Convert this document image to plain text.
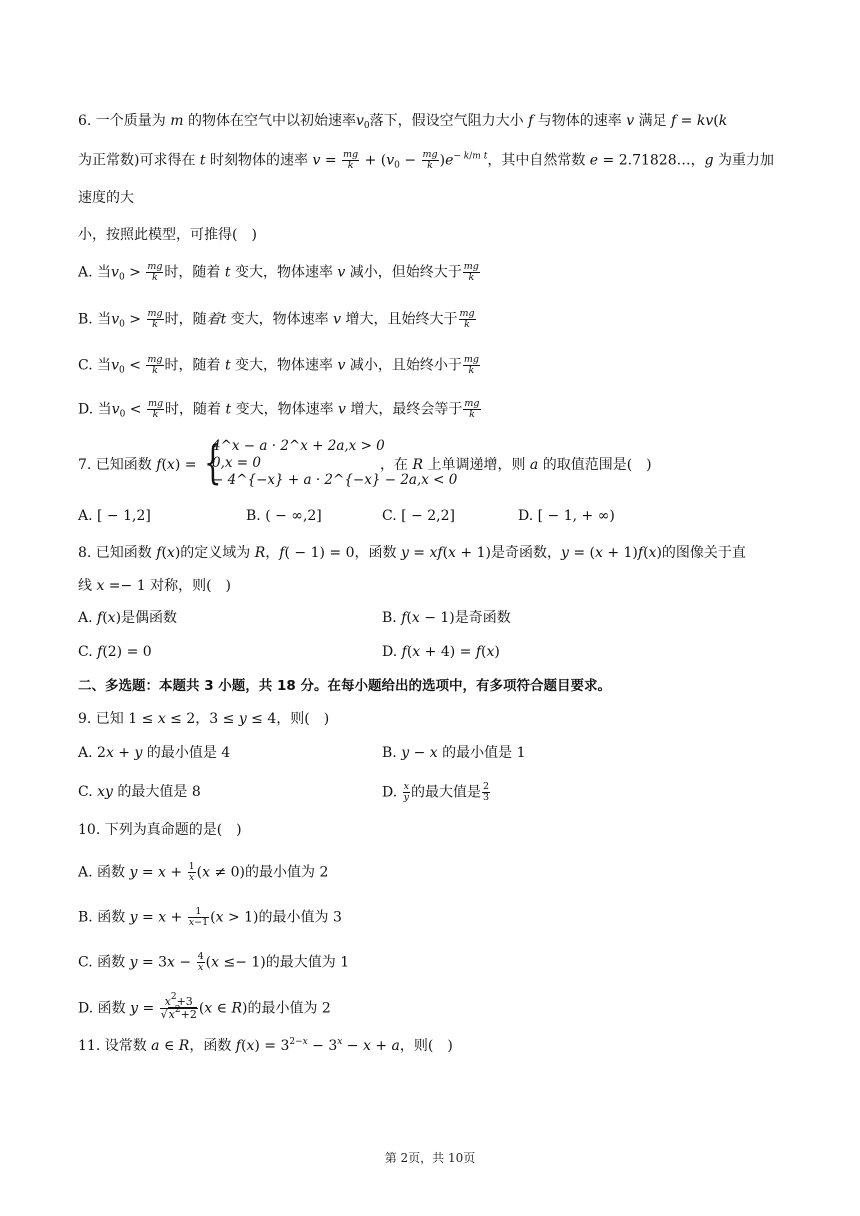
6. 一个质量为 m 的物体在空气中以初始速率$v_0$落下，假设空气阻力大小 f 与物体的速率 v 满足 f = kv(k
为正常数)可求得在 t 时刻物体的速率 $v = \frac{mg}{k} + (v_0 - \frac{mg}{k} )e^{- k/m t}$，其中自然常数 e = 2.71828…，g 为重力加
速度的大
小，按照此模型，可推得(　)
A. 当$v_0 > \frac{mg}{k}$ 时，随着 t 变大，物体速率 v 减小，但始终大于 $\frac{mg}{k}$
B. 当$v_0 > \frac{mg}{k}$ 时，随着t 变大，物体速率 v 增大，且始终大于 $\frac{mg}{k}$
C. 当$v_0 < \frac{mg}{k}$ 时，随着 t 变大，物体速率 v 减小，且始终小于 $\frac{mg}{k}$
D. 当$v_0 < \frac{mg}{k}$ 时，随着 t 变大，物体速率 v 增大，最终会等于 $\frac{mg}{k}$
7. 已知函数 f(x) = {
4^x − a · 2^x + 2a,x > 0
0,x = 0
− 4^{−x} + a · 2^{−x} − 2a,x < 0
，在 R 上单调递增，则 a 的取值范围是(　)
A. [ − 1,2]	B. ( − ∞,2]	C. [ − 2,2]	D. [ − 1, + ∞)
8. 已知函数 f(x)的定义域为 R，f( − 1) = 0，函数 y = xf(x + 1)是奇函数，y = (x + 1)f(x)的图像关于直
线 x =− 1 对称，则(　)
A. f(x)是偶函数	B. f(x − 1)是奇函数
C. f(2) = 0	D. f(x + 4) = f(x)
二、多选题：本题共 3 小题，共 18 分。在每小题给出的选项中，有多项符合题目要求。
9. 已知 1 ≤ x ≤ 2，3 ≤ y ≤ 4，则(　)
A. 2x + y 的最小值是 4	B. y − x 的最小值是 1
C. xy 的最大值是 8	D. $\frac{x}{y}$ 的最大值是 $\frac{2}{3}$
10. 下列为真命题的是(　)
A. 函数 $y = x + \frac{1}{x} (x \ne 0)$的最小值为 2
B. 函数 $y = x + \frac{1}{x-1} (x > 1)$的最小值为 3
C. 函数 $y = 3x - \frac{4}{x} (x \le- 1)$的最大值为 1
D. 函数 $y = \frac{x^2+3}{√x^2+2} (x$ ∈ R)的最小值为 2
11. 设常数 a ∈ R，函数 $f(x) = 3^{2-x} - 3^x - x + a$，则(　)
第 2页，共 10页
